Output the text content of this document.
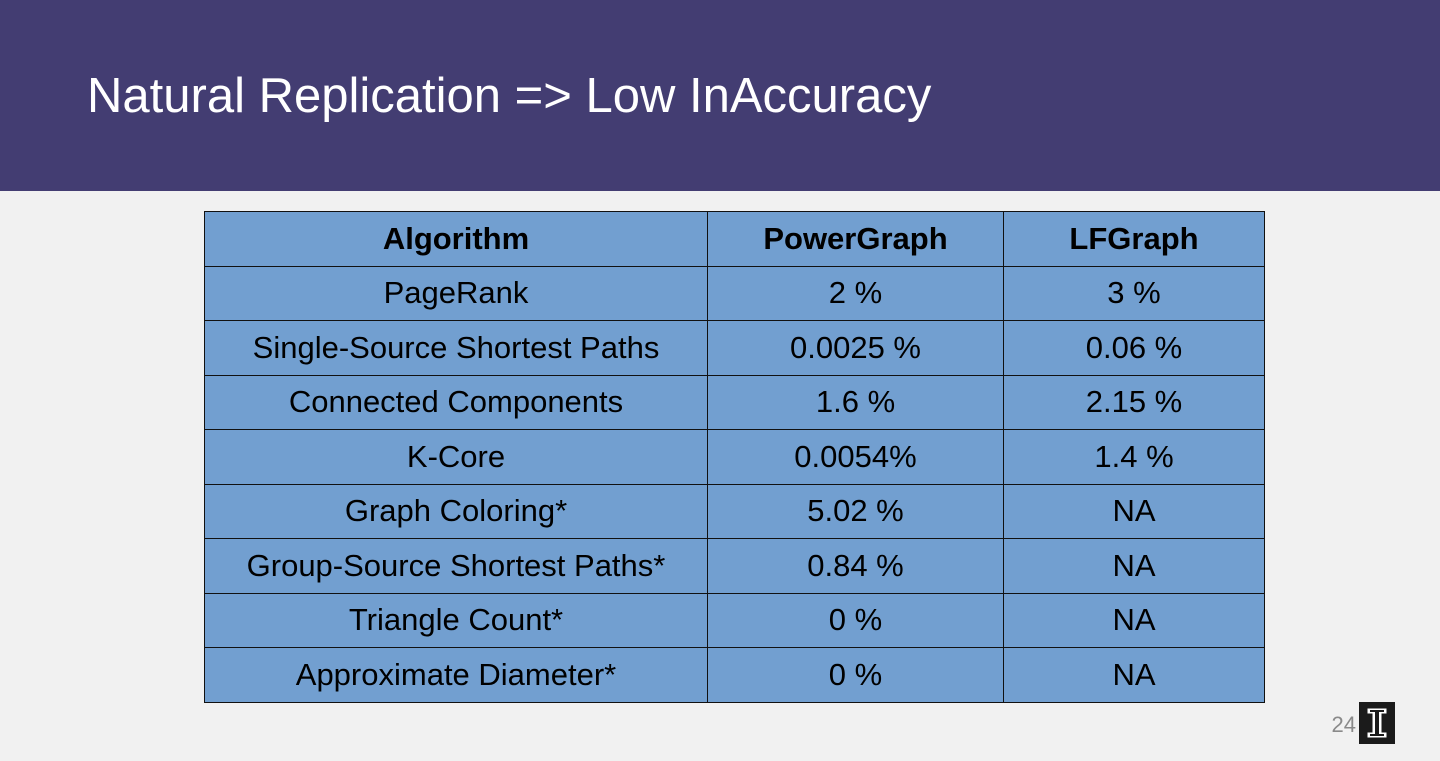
Natural Replication => Low InAccuracy
Algorithm	PowerGraph	LFGraph
PageRank	2 %	3 %
Single-Source Shortest Paths	0.0025 %	0.06 %
Connected Components	1.6 %	2.15 %
K-Core	0.0054%	1.4 %
Graph Coloring*	5.02 %	NA
Group-Source Shortest Paths*	0.84 %	NA
Triangle Count*	0 %	NA
Approximate Diameter*	0 %	NA
24
